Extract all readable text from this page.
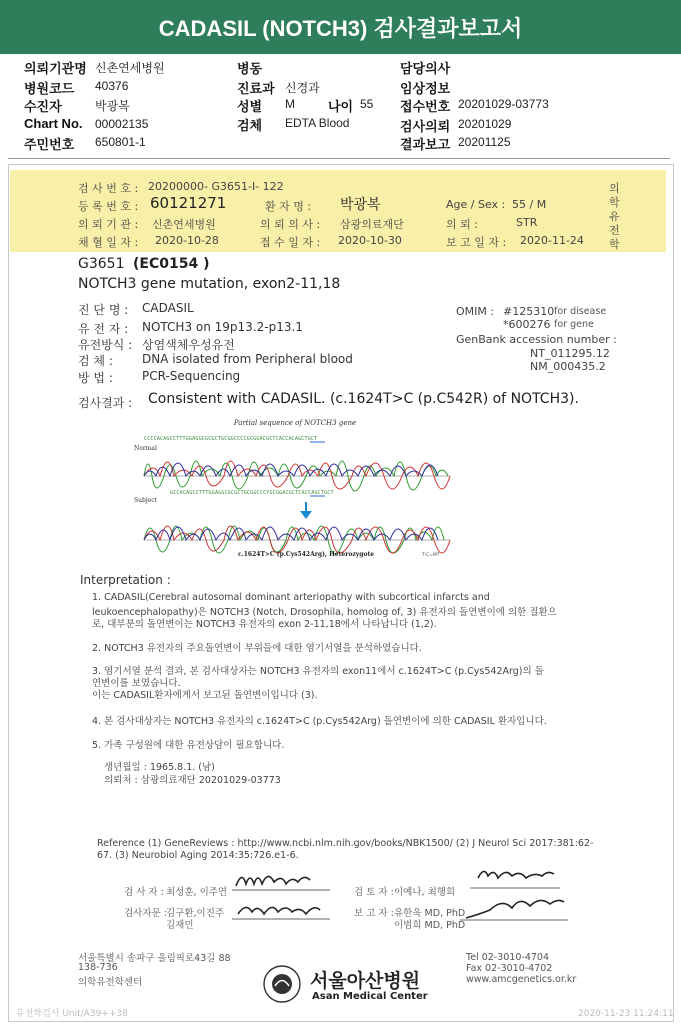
CADASIL (NOTCH3) 검사결과보고서
의뢰기관명 신촌연세병원
병원코드 40376
수진자	박광복
Chart No. 00002135
주민번호 650801-1
병동
진료과 신경과
성별 M	나이 55
검체 EDTA Blood
담당의사
임상정보
접수번호 20201029-03773
검사의뢰 20201029
결과보고 20201125
검 사 번 호 : 20200000- G3651-I- 122
등 록 번 호 : 60121271	환 자 명 : 박광복	Age / Sex : 55 / M
의 뢰 기 관 : 신촌연세병원	의 뢰 의 사 : 삼광의료재단	의 뢰 :	STR
채 혈 일 자 : 2020-10-28	접 수 일 자 : 2020-10-30	보 고 일 자 : 2020-11-24
의
학
유
전
학
G3651 (EC0154 )
NOTCH3 gene mutation, exon2-11,18
진 단 명 : CADASIL
유 전 자 : NOTCH3 on 19p13.2-p13.1
유전방식 : 상염색체우성유전
검 체 : DNA isolated from Peripheral blood
방 법 : PCR-Sequencing
OMIM : #125310 for disease
*600276 for gene
GenBank accession number :
NT_011295.12
NM_000435.2
검사결과 : Consistent with CADASIL. (c.1624T>C (p.C542R) of NOTCH3).
Partial sequence of NOTCH3 gene
CCCCACAGCCTTTGGAGGCGCGCTGCGGCCCCGCGGACGCTCACCACAGCTGCT
Normal
GCCACAGCCTTTGGAGGCGCGCTGCGGCCCYGCGGACGCTCACCAGCTGCT
Subject
c.1624T>C (p.Cys542Arg), Heterozygote	T-C=MT
Interpretation :
1. CADASIL(Cerebral autosomal dominant arteriopathy with subcortical infarcts and
leukoencephalopathy)은 NOTCH3 (Notch, Drosophila, homolog of, 3) 유전자의 돌연변이에 의한 질환으
로, 대부분의 돌연변이는 NOTCH3 유전자의 exon 2-11,18에서 나타납니다 (1,2).
2. NOTCH3 유전자의 주요돌연변이 부위들에 대한 염기서열을 분석하였습니다.
3. 염기서열 분석 결과, 본 검사대상자는 NOTCH3 유전자의 exon11에서 c.1624T>C (p.Cys542Arg)의 돌
연변이를 보였습니다.
이는 CADASIL환자에게서 보고된 돌연변이입니다 (3).
4. 본 검사대상자는 NOTCH3 유전자의 c.1624T>C (p.Cys542Arg) 돌연변이에 의한 CADASIL 환자입니다.
5. 가족 구성원에 대한 유전상담이 필요합니다.
생년월일 : 1965.8.1. (남)
의뢰처 : 삼광의료재단 20201029-03773
Reference (1) GeneReviews : http://www.ncbi.nlm.nih.gov/books/NBK1500/ (2) J Neurol Sci 2017:381:62-
67. (3) Neurobiol Aging 2014:35:726.e1-6.
검 사 자 : 최성훈, 이주연	검 토 자 : 이예나, 최행희
검사자문 : 김구환,이진주
김재민
보 고 자 : 유한욱 MD, PhD
이범희 MD, PhD
서울특별시 송파구 올림픽로43길 88
138-736
의학유전학센터
Tel 02-3010-4704
Fax 02-3010-4702
www.amcgenetics.or.kr
서울아산병원
Asan Medical Center
유전학검사 Unit/A39++38	2020-11-23 11:24:11
